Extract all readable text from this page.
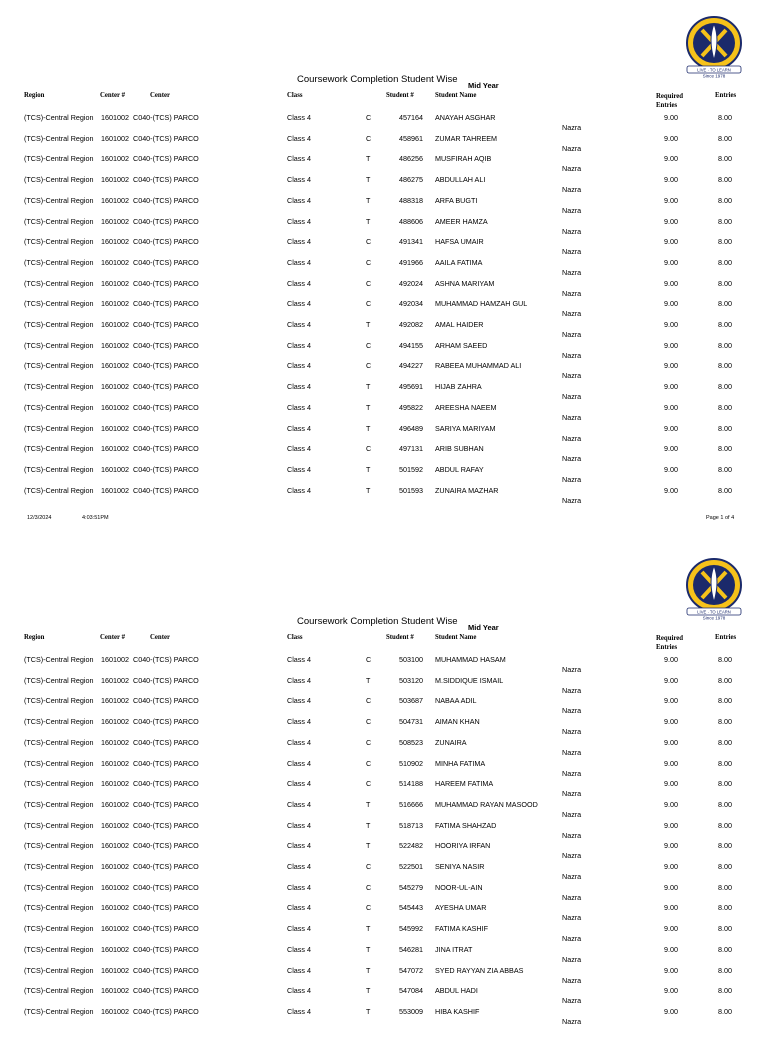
LIVE · TO LEARN
Since 1978
Coursework Completion Student Wise
Mid Year
Region	Center #	Center	Class	Student #	Student Name	Required
Entries
Entries
(TCS)-Central Region	1601002 C040-(TCS) PARCO	Class 4	C	457164 ANAYAH ASGHAR
Nazra
9.00	8.00
(TCS)-Central Region	1601002 C040-(TCS) PARCO	Class 4	C	458961 ZUMAR TAHREEM
Nazra
9.00	8.00
(TCS)-Central Region	1601002 C040-(TCS) PARCO	Class 4	T	486256 MUSFIRAH AQIB
Nazra
9.00	8.00
(TCS)-Central Region	1601002 C040-(TCS) PARCO	Class 4	T	486275 ABDULLAH ALI
Nazra
9.00	8.00
(TCS)-Central Region	1601002 C040-(TCS) PARCO	Class 4	T	488318 ARFA BUGTI
Nazra
9.00	8.00
(TCS)-Central Region	1601002 C040-(TCS) PARCO	Class 4	T	488606 AMEER HAMZA
Nazra
9.00	8.00
(TCS)-Central Region	1601002 C040-(TCS) PARCO	Class 4	C	491341 HAFSA UMAIR
Nazra
9.00	8.00
(TCS)-Central Region	1601002 C040-(TCS) PARCO	Class 4	C	491966 AAILA FATIMA
Nazra
9.00	8.00
(TCS)-Central Region	1601002 C040-(TCS) PARCO	Class 4	C	492024 ASHNA MARIYAM
Nazra
9.00	8.00
(TCS)-Central Region	1601002 C040-(TCS) PARCO	Class 4	C	492034 MUHAMMAD HAMZAH GUL
Nazra
9.00	8.00
(TCS)-Central Region	1601002 C040-(TCS) PARCO	Class 4	T	492082 AMAL HAIDER
Nazra
9.00	8.00
(TCS)-Central Region	1601002 C040-(TCS) PARCO	Class 4	C	494155 ARHAM SAEED
Nazra
9.00	8.00
(TCS)-Central Region	1601002 C040-(TCS) PARCO	Class 4	C	494227 RABEEA MUHAMMAD ALI
Nazra
9.00	8.00
(TCS)-Central Region	1601002 C040-(TCS) PARCO	Class 4	T	495691 HIJAB ZAHRA
Nazra
9.00	8.00
(TCS)-Central Region	1601002 C040-(TCS) PARCO	Class 4	T	495822 AREESHA NAEEM
Nazra
9.00	8.00
(TCS)-Central Region	1601002 C040-(TCS) PARCO	Class 4	T	496489 SARIYA MARIYAM
Nazra
9.00	8.00
(TCS)-Central Region	1601002 C040-(TCS) PARCO	Class 4	C	497131 ARIB SUBHAN
Nazra
9.00	8.00
(TCS)-Central Region	1601002 C040-(TCS) PARCO	Class 4	T	501592 ABDUL RAFAY
Nazra
9.00	8.00
(TCS)-Central Region	1601002 C040-(TCS) PARCO	Class 4	T	501593 ZUNAIRA MAZHAR
Nazra
9.00	8.00
12/3/2024	4:03:51PM	Page 1 of 4
LIVE · TO LEARN
Since 1978
Coursework Completion Student Wise
Mid Year
Region	Center #	Center	Class	Student #	Student Name	Required
Entries
Entries
(TCS)-Central Region	1601002 C040-(TCS) PARCO	Class 4	C	503100 MUHAMMAD HASAM
Nazra
9.00	8.00
(TCS)-Central Region	1601002 C040-(TCS) PARCO	Class 4	T	503120 M.SIDDIQUE ISMAIL
Nazra
9.00	8.00
(TCS)-Central Region	1601002 C040-(TCS) PARCO	Class 4	C	503687 NABAA ADIL
Nazra
9.00	8.00
(TCS)-Central Region	1601002 C040-(TCS) PARCO	Class 4	C	504731 AIMAN KHAN
Nazra
9.00	8.00
(TCS)-Central Region	1601002 C040-(TCS) PARCO	Class 4	C	508523 ZUNAIRA
Nazra
9.00	8.00
(TCS)-Central Region	1601002 C040-(TCS) PARCO	Class 4	C	510902 MINHA FATIMA
Nazra
9.00	8.00
(TCS)-Central Region	1601002 C040-(TCS) PARCO	Class 4	C	514188 HAREEM FATIMA
Nazra
9.00	8.00
(TCS)-Central Region	1601002 C040-(TCS) PARCO	Class 4	T	516666 MUHAMMAD RAYAN MASOOD
Nazra
9.00	8.00
(TCS)-Central Region	1601002 C040-(TCS) PARCO	Class 4	T	518713 FATIMA SHAHZAD
Nazra
9.00	8.00
(TCS)-Central Region	1601002 C040-(TCS) PARCO	Class 4	T	522482 HOORIYA IRFAN
Nazra
9.00	8.00
(TCS)-Central Region	1601002 C040-(TCS) PARCO	Class 4	C	522501 SENIYA NASIR
Nazra
9.00	8.00
(TCS)-Central Region	1601002 C040-(TCS) PARCO	Class 4	C	545279 NOOR-UL-AIN
Nazra
9.00	8.00
(TCS)-Central Region	1601002 C040-(TCS) PARCO	Class 4	C	545443 AYESHA UMAR
Nazra
9.00	8.00
(TCS)-Central Region	1601002 C040-(TCS) PARCO	Class 4	T	545992 FATIMA KASHIF
Nazra
9.00	8.00
(TCS)-Central Region	1601002 C040-(TCS) PARCO	Class 4	T	546281 JINA ITRAT
Nazra
9.00	8.00
(TCS)-Central Region	1601002 C040-(TCS) PARCO	Class 4	T	547072 SYED RAYYAN ZIA ABBAS
Nazra
9.00	8.00
(TCS)-Central Region	1601002 C040-(TCS) PARCO	Class 4	T	547084 ABDUL HADI
Nazra
9.00	8.00
(TCS)-Central Region	1601002 C040-(TCS) PARCO	Class 4	T	553009 HIBA KASHIF
Nazra
9.00	8.00
